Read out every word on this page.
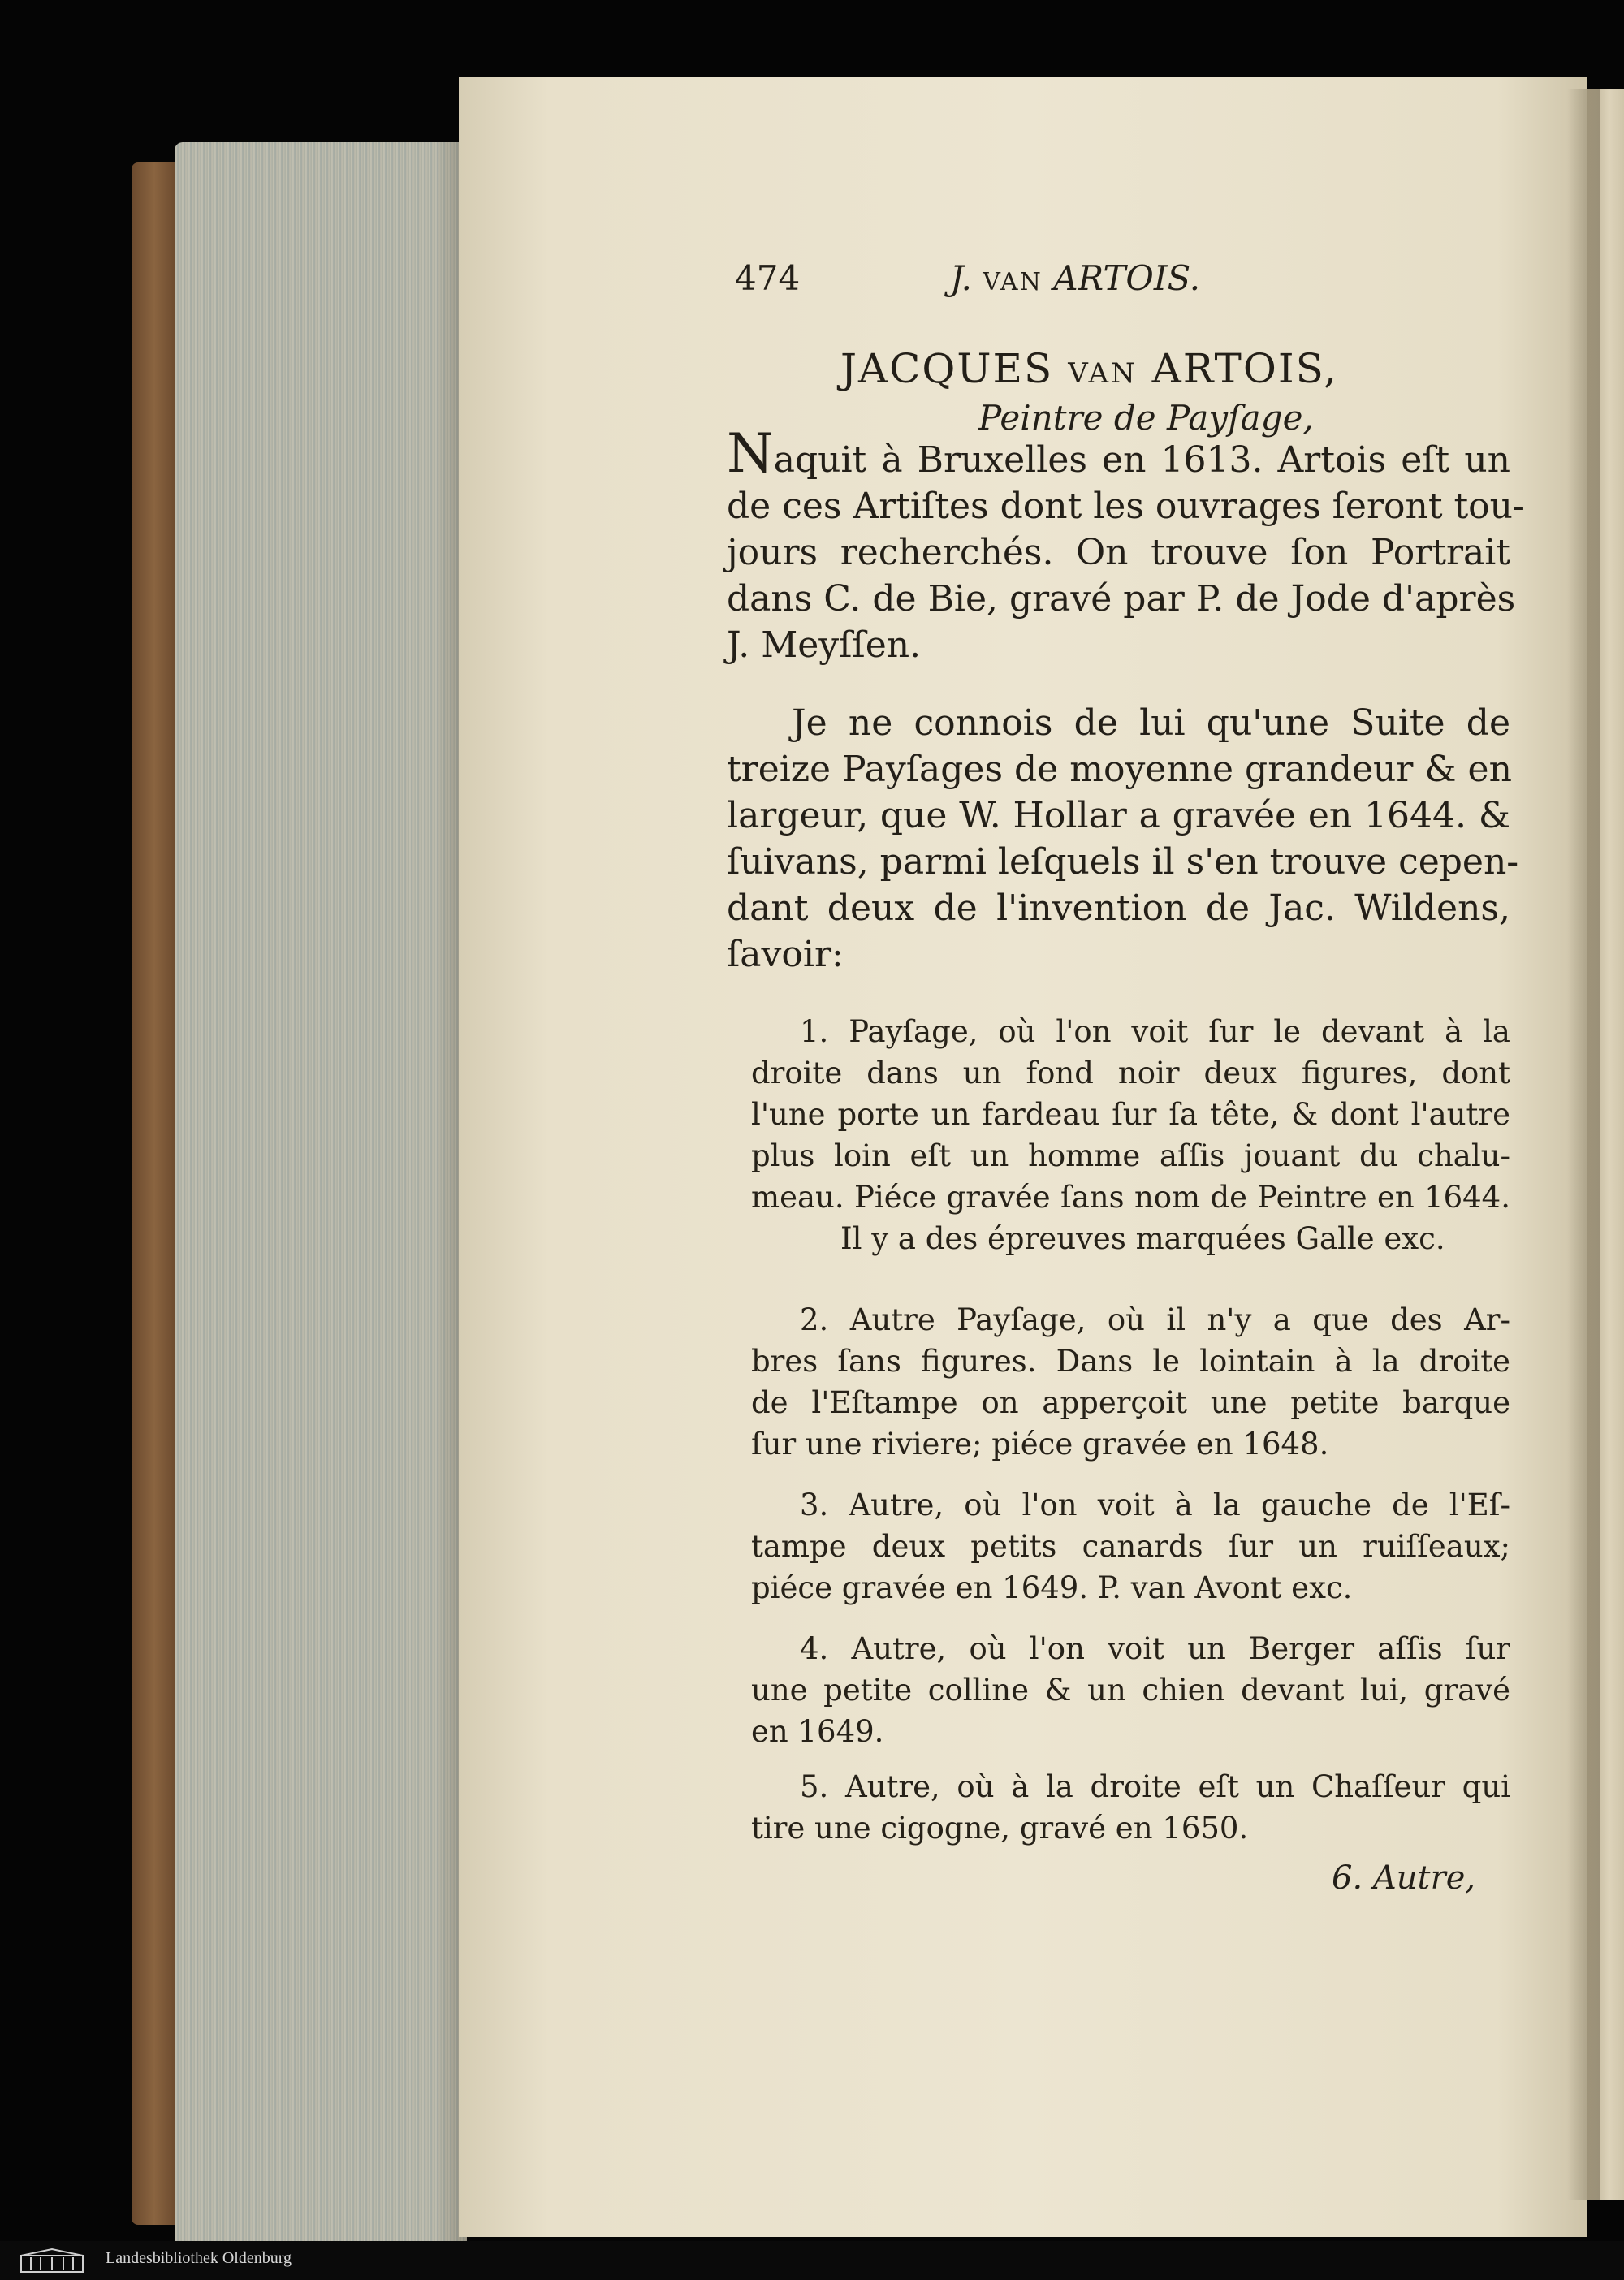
474	J. VAN ARTOIS.
JACQUES VAN ARTOIS,
Peintre de Payſage,
Naquit à Bruxelles en 1613. Artois eſt un
de ces Artiſtes dont les ouvrages ſeront tou-
jours recherchés. On trouve ſon Portrait
dans C. de Bie, gravé par P. de Jode d'après
J. Meyſſen.
Je ne connois de lui qu'une Suite de
treize Payſages de moyenne grandeur & en
largeur, que W. Hollar a gravée en 1644. &
ſuivans, parmi leſquels il s'en trouve cepen-
dant deux de l'invention de Jac. Wildens,
ſavoir:
1. Payſage, où l'on voit ſur le devant à la
droite dans un fond noir deux figures, dont
l'une porte un fardeau ſur ſa tête, & dont l'autre
plus loin eſt un homme aſſis jouant du chalu-
meau. Piéce gravée ſans nom de Peintre en 1644.
Il y a des épreuves marquées Galle exc.
2. Autre Payſage, où il n'y a que des Ar-
bres ſans figures. Dans le lointain à la droite
de l'Eſtampe on apperçoit une petite barque
ſur une riviere; piéce gravée en 1648.
3. Autre, où l'on voit à la gauche de l'Eſ-
tampe deux petits canards ſur un ruiſſeaux;
piéce gravée en 1649. P. van Avont exc.
4. Autre, où l'on voit un Berger aſſis ſur
une petite colline & un chien devant lui, gravé
en 1649.
5. Autre, où à la droite eſt un Chaſſeur qui
tire une cigogne, gravé en 1650.
6. Autre,
Landesbibliothek Oldenburg
